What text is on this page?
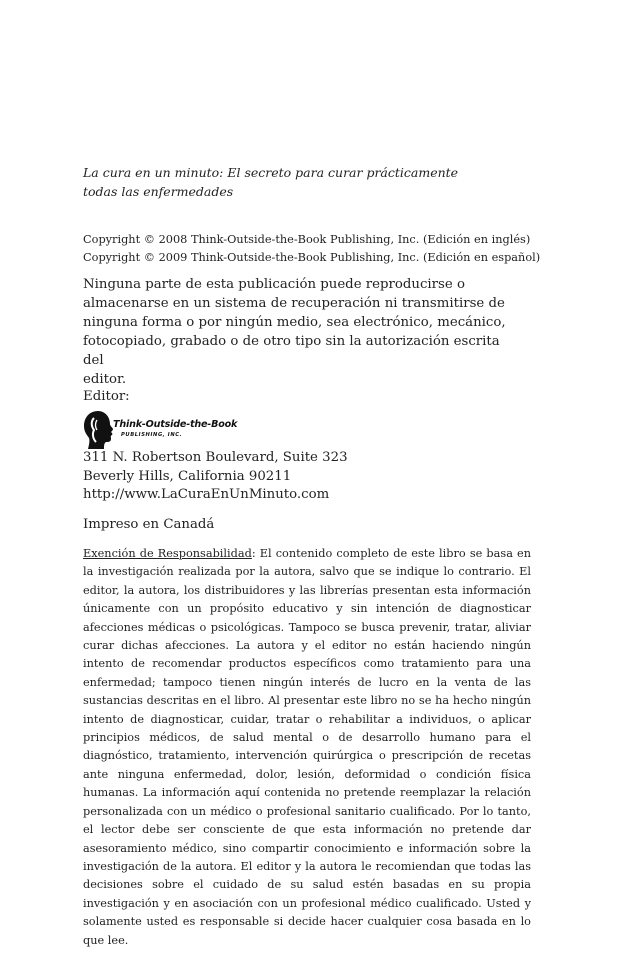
La cura en un minuto: El secreto para curar prácticamente
todas las enfermedades
Copyright © 2008 Think-Outside-the-Book Publishing, Inc. (Edición en inglés)
Copyright © 2009 Think-Outside-the-Book Publishing, Inc. (Edición en español)
Ninguna parte de esta publicación puede reproducirse o
almacenarse en un sistema de recuperación ni transmitirse de
ninguna forma o por ningún medio, sea electrónico, mecánico,
fotocopiado, grabado o de otro tipo sin la autorización escrita del
editor.
Editor:
Think-Outside-the-Book
PUBLISHING, INC.
311 N. Robertson Boulevard, Suite 323
Beverly Hills, California 90211
http://www.LaCuraEnUnMinuto.com
Impreso en Canadá
Exención de Responsabilidad: El contenido completo de este libro se basa en la investigación realizada por la autora, salvo que se indique lo contrario. El editor, la autora, los distribuidores y las librerías presentan esta información únicamente con un propósito educativo y sin intención de diagnosticar afecciones médicas o psicológicas. Tampoco se busca prevenir, tratar, aliviar curar dichas afecciones. La autora y el editor no están haciendo ningún intento de recomendar productos específicos como tratamiento para una enfermedad; tampoco tienen ningún interés de lucro en la venta de las sustancias descritas en el libro. Al presentar este libro no se ha hecho ningún intento de diagnosticar, cuidar, tratar o rehabilitar a individuos, o aplicar principios médicos, de salud mental o de desarrollo humano para el diagnóstico, tratamiento, intervención quirúrgica o prescripción de recetas ante ninguna enfermedad, dolor, lesión, deformidad o condición física humanas. La información aquí contenida no pretende reemplazar la relación personalizada con un médico o profesional sanitario cualificado. Por lo tanto, el lector debe ser consciente de que esta información no pretende dar asesoramiento médico, sino compartir conocimiento e información sobre la investigación de la autora. El editor y la autora le recomiendan que todas las decisiones sobre el cuidado de su salud estén basadas en su propia investigación y en asociación con un profesional médico cualificado. Usted y solamente usted es responsable si decide hacer cualquier cosa basada en lo que lee.
